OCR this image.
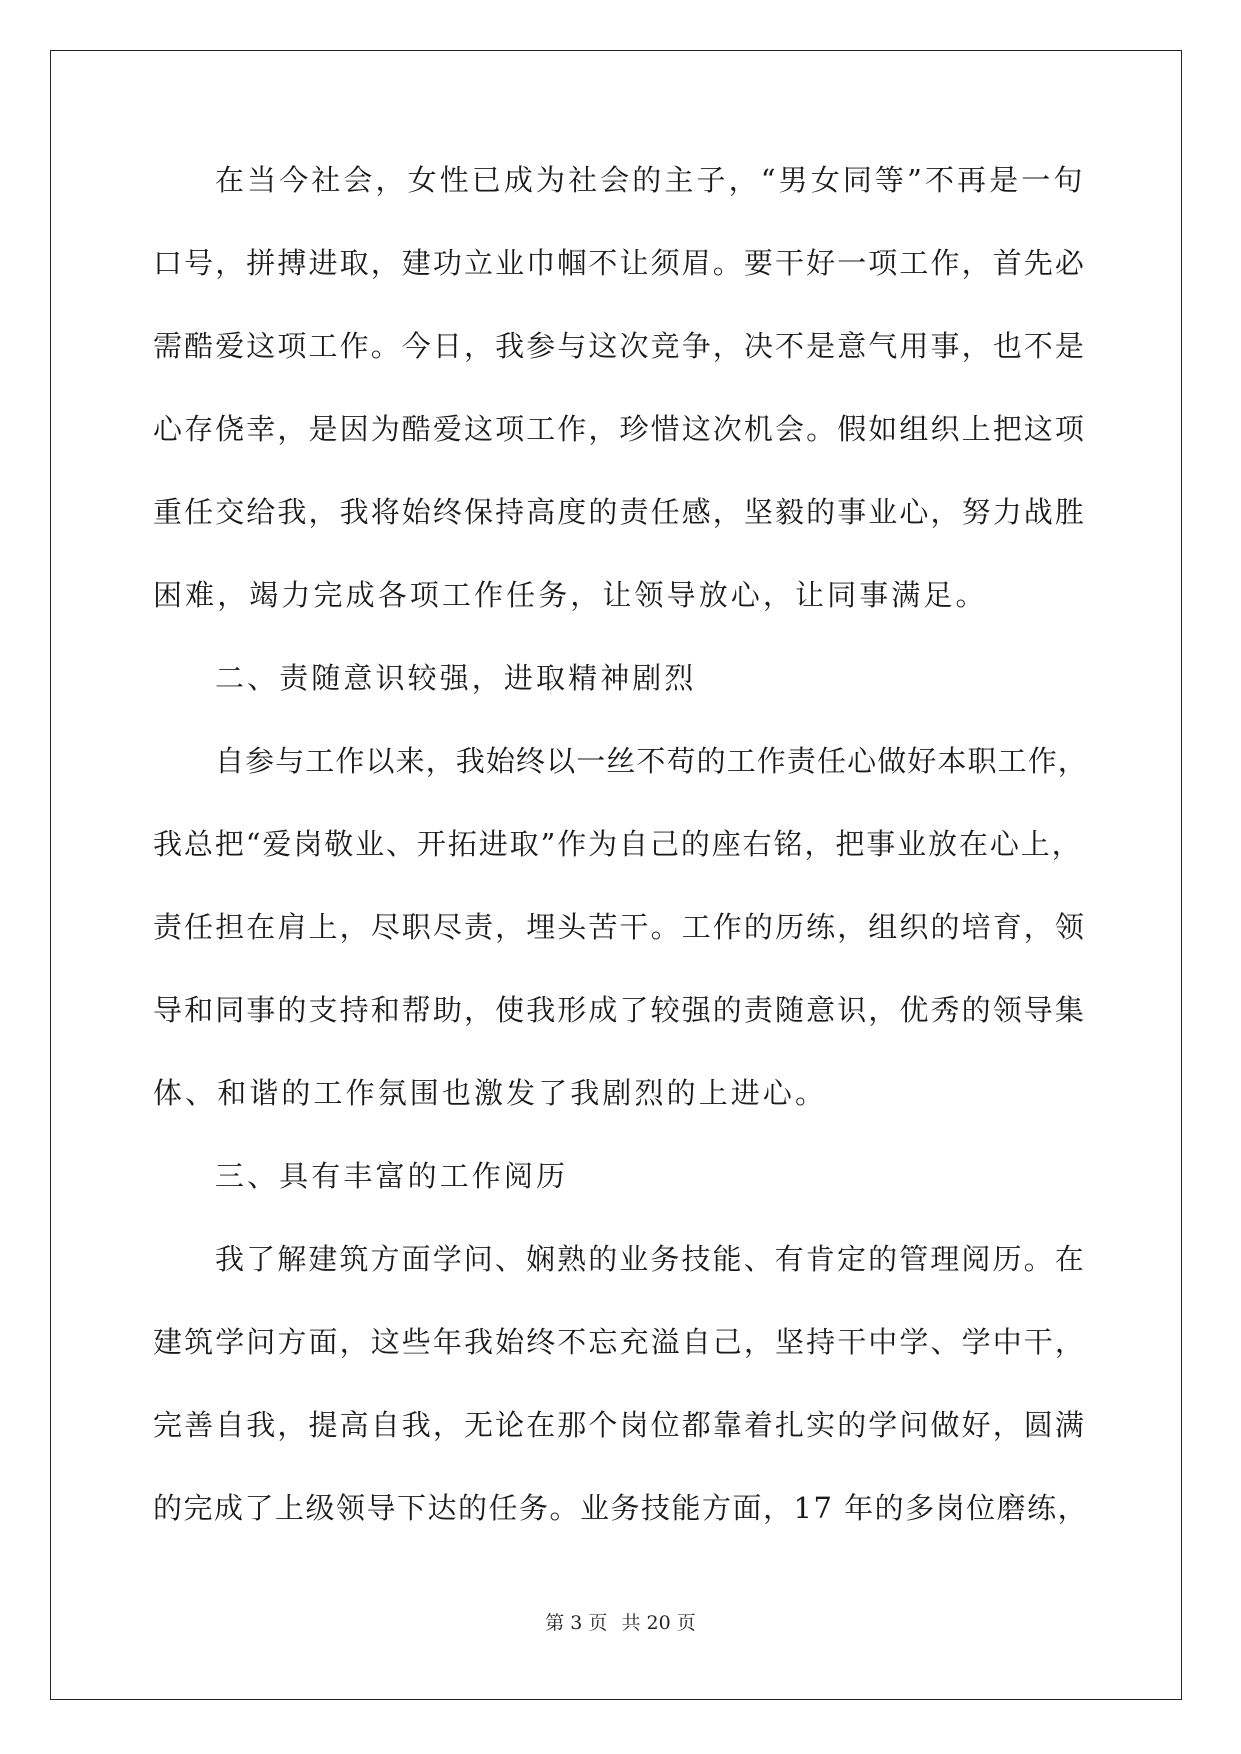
在当今社会，女性已成为社会的主子，“男女同等”不再是一句
口号，拼搏进取，建功立业巾帼不让须眉。要干好一项工作，首先必
需酷爱这项工作。今日，我参与这次竞争，决不是意气用事，也不是
心存侥幸，是因为酷爱这项工作，珍惜这次机会。假如组织上把这项
重任交给我，我将始终保持高度的责任感，坚毅的事业心，努力战胜
困难，竭力完成各项工作任务，让领导放心，让同事满足。
二、责随意识较强，进取精神剧烈
自参与工作以来，我始终以一丝不苟的工作责任心做好本职工作，
我总把“爱岗敬业、开拓进取”作为自己的座右铭，把事业放在心上，
责任担在肩上，尽职尽责，埋头苦干。工作的历练，组织的培育，领
导和同事的支持和帮助，使我形成了较强的责随意识，优秀的领导集
体、和谐的工作氛围也激发了我剧烈的上进心。
三、具有丰富的工作阅历
我了解建筑方面学问、娴熟的业务技能、有肯定的管理阅历。在
建筑学问方面，这些年我始终不忘充溢自己，坚持干中学、学中干，
完善自我，提高自我，无论在那个岗位都靠着扎实的学问做好，圆满
的完成了上级领导下达的任务。业务技能方面，17 年的多岗位磨练，
第 3 页 共 20 页
